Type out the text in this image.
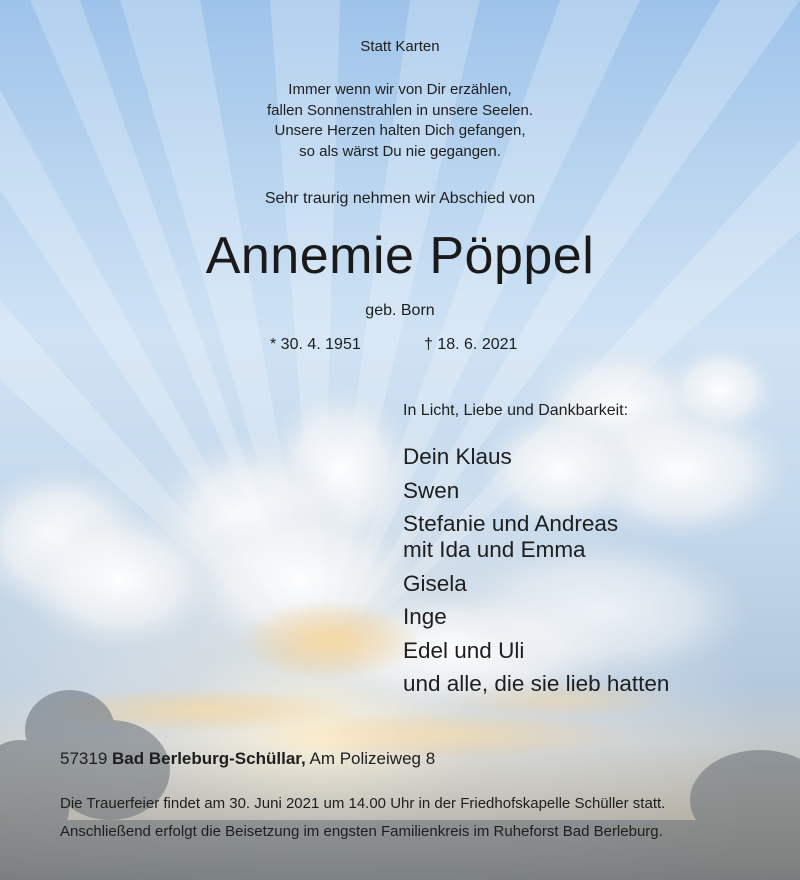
Statt Karten
Immer wenn wir von Dir erzählen,
fallen Sonnenstrahlen in unsere Seelen.
Unsere Herzen halten Dich gefangen,
so als wärst Du nie gegangen.
Sehr traurig nehmen wir Abschied von
Annemie Pöppel
geb. Born
* 30. 4. 1951	† 18. 6. 2021
In Licht, Liebe und Dankbarkeit:
Dein Klaus
Swen
Stefanie und Andreas
mit Ida und Emma
Gisela
Inge
Edel und Uli
und alle, die sie lieb hatten
57319 Bad Berleburg-Schüllar, Am Polizeiweg 8
Die Trauerfeier findet am 30. Juni 2021 um 14.00 Uhr in der Friedhofskapelle Schüller statt.
Anschließend erfolgt die Beisetzung im engsten Familienkreis im Ruheforst Bad Berleburg.
